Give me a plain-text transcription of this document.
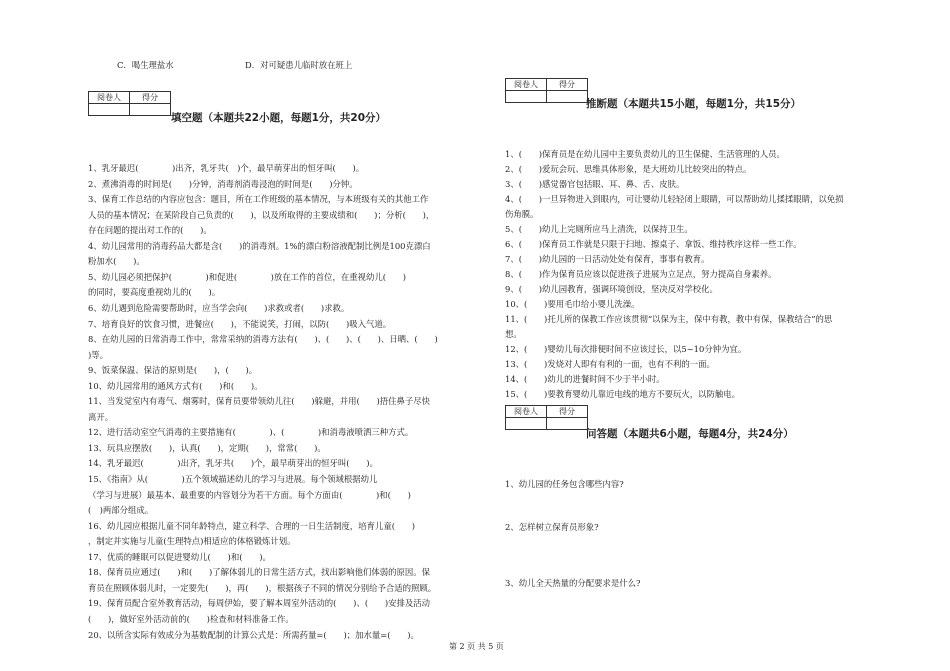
C．喝生理盐水	D．对可疑患儿临时放在班上
阅卷人	得分

填空题（本题共22小题，每题1分，共20分）
1、乳牙最迟(　　　　)出齐，乳牙共(　)个，最早萌芽出的恒牙叫(　　)。
2、煮沸消毒的时间是(　　)分钟，消毒剂消毒浸泡的时间是(　　)分钟。
3、保育工作总结的内容应包含：题目，所在工作班级的基本情况，与本班级有关的其他工作
人员的基本情况；在某阶段自己负责的(　　)，以及所取得的主要成绩和(　　)；分析(　　)，
存在问题的提出对工作的(　　)。
4、幼儿园常用的消毒药品大都是含(　　)的消毒剂。1%的漂白粉溶液配制比例是100克漂白
粉加水(　　)。
5、幼儿园必须把保护(　　　　)和促进(　　　　)放在工作的首位，在重视幼儿(　　)
的同时，要高度重视幼儿的(　　)。
6、幼儿遇到危险需要帮助时，应当学会向(　　)求救或者(　　)求救。
7、培育良好的饮食习惯，进餐应(　　)，不能说笑，打闹，以防(　　)吸入气道。
8、在幼儿园的日常消毒工作中，常常采纳的消毒方法有(　　)、(　　)、(　　)、日晒、(　　)
)等。
9、饭菜保温、保洁的原则是(　　)，(　　)。
10、幼儿园常用的通风方式有(　　)和(　　)。
11、当发觉室内有毒气、烟雾时，保育员要带领幼儿往(　　)躲避，并用(　　)捂住鼻子尽快
离开。
12、进行活动室空气消毒的主要措施有(　　　　)、(　　　　)和消毒液喷洒三种方式。
13、玩具应摆放(　　)，认真(　　)，定期(　　)，常常(　　)。
14、乳牙最迟(　　　　)出齐，乳牙共(　　)个，最早萌芽出的恒牙叫(　　)。
15、《指南》从(　　　　)五个领域描述幼儿的学习与进展。每个领域根据幼儿
（学习与进展）最基本、最重要的内容划分为若干方面。每个方面由(　　　　)和(　　)
(　)两部分组成。
16、幼儿园应根据儿童不同年龄特点，建立科学、合理的一日生活制度，培育儿童(　　)
，制定并实施与儿童(生理特点)相适应的体格锻炼计划。
17、优质的睡眠可以促进婴幼儿(　　)和(　　)。
18、保育员应通过(　　)和(　　)了解体弱儿的日常生活方式，找出影响他们体弱的原因。保
育员在照顾体弱儿时，一定要先(　　)，再(　　)，根据孩子不同的情况分别给予合适的照顾。
19、保育员配合室外教育活动，每周伊始，要了解本周室外活动的(　　)、(　　)安排及活动
(　　)，做好室外活动前的(　　)检查和材料准备工作。
20、以所含实际有效成分为基数配制的计算公式是：所需药量=(　　)；加水量=(　　)。
阅卷人	得分

推断题（本题共15小题，每题1分，共15分）
1、(　　)保育员是在幼儿园中主要负责幼儿的卫生保健、生活管理的人员。
2、(　　)爱玩会玩、思维具体形象，是大班幼儿比较突出的特点。
3、(　　)感觉器官包括眼、耳、鼻、舌、皮肤。
4、(　　)一旦异物进入到眼内，可让婴幼儿轻轻闭上眼睛，可以帮助幼儿揉揉眼睛，以免损
伤角膜。
5、(　　)幼儿上完厕所应马上清洗，以保持卫生。
6、(　　)保育员工作就是只限于扫地、擦桌子、拿饭、维持秩序这样一些工作。
7、(　　)幼儿园的一日活动处处有保育，事事有教育。
8、(　　)作为保育员应该以促进孩子进展为立足点，努力提高自身素养。
9、(　　)幼儿园教育，强调环境创设，坚决反对学校化。
10、(　　)要用毛巾给小婴儿洗澡。
11、(　　)托儿所的保教工作应该贯彻“以保为主，保中有教，教中有保，保教结合”的思
想。
12、(　　)婴幼儿每次排便时间不应该过长，以5~10分钟为宜。
13、(　　)发烧对人即有有利的一面，也有不利的一面。
14、(　　)幼儿的进餐时间不少于半小时。
15、(　　)要教育婴幼儿靠近电线的地方不要玩火，以防触电。
阅卷人	得分

问答题（本题共6小题，每题4分，共24分）
1、幼儿园的任务包含哪些内容?
2、怎样树立保育员形象?
3、幼儿全天热量的分配要求是什么?
第 2 页 共 5 页
